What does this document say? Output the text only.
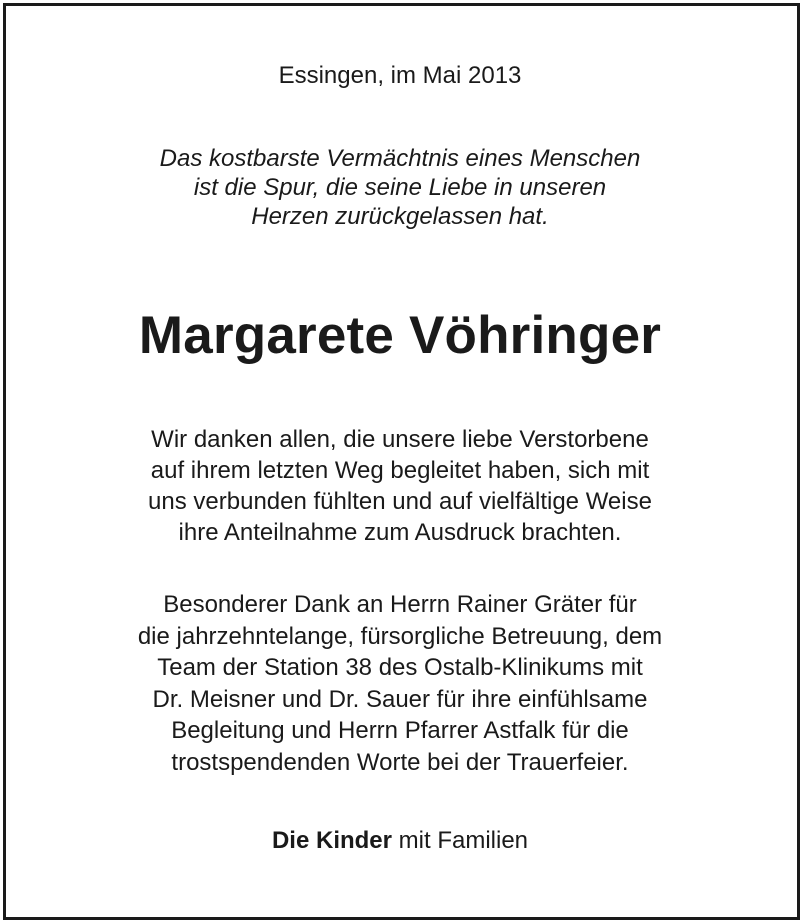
Essingen, im Mai 2013
Das kostbarste Vermächtnis eines Menschen
ist die Spur, die seine Liebe in unseren
Herzen zurückgelassen hat.
Margarete Vöhringer
Wir danken allen, die unsere liebe Verstorbene
auf ihrem letzten Weg begleitet haben, sich mit
uns verbunden fühlten und auf vielfältige Weise
ihre Anteilnahme zum Ausdruck brachten.
Besonderer Dank an Herrn Rainer Gräter für
die jahrzehntelange, fürsorgliche Betreuung, dem
Team der Station 38 des Ostalb-Klinikums mit
Dr. Meisner und Dr. Sauer für ihre einfühlsame
Begleitung und Herrn Pfarrer Astfalk für die
trostspendenden Worte bei der Trauerfeier.
Die Kinder mit Familien
